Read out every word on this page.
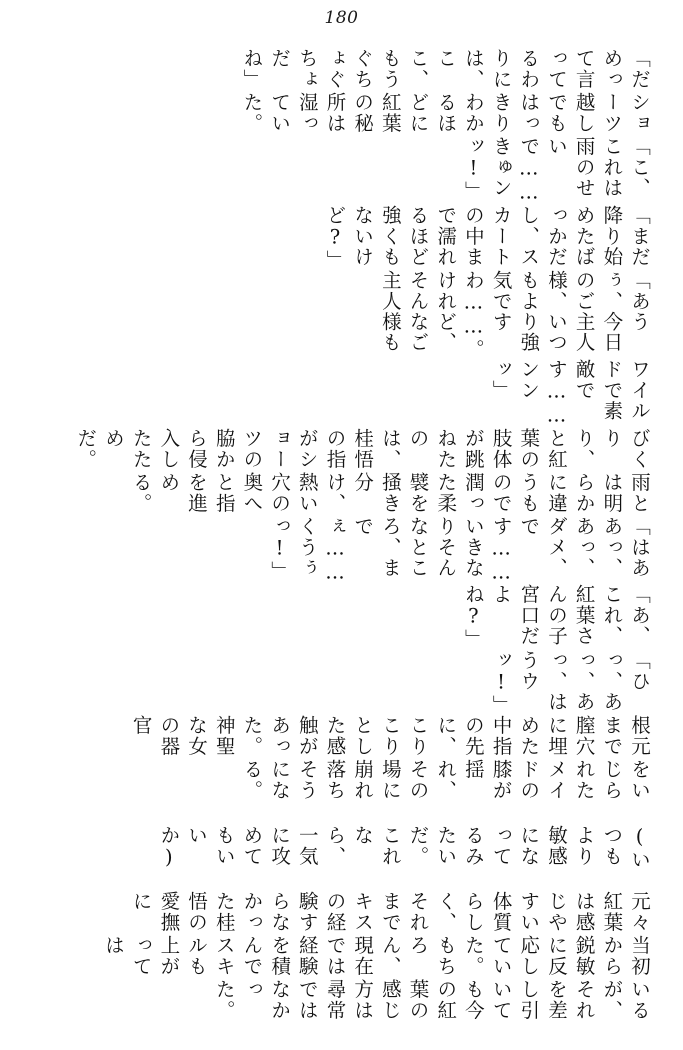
180
「だめって言ってるわりには、ここ、もうぐちょぐちょだね」
ショーツ越しでもはっきりわかるほどに紅葉の秘所は湿っていた。
「こ、これは雨のせいで……きゅンッ!」
「まだ降り始めたばっかだし、スカートの中まで濡れるほど強くもないけど?」
「あうぅ、今日のご主人様、いつもより強気ですわ……。けれど、そんなご主人様も
ワイルドで素敵です……ンンッ」
びくりり、と紅葉の肢体が跳ねたのは、桂悟の指がショーツの脇から侵入したためだ。
雨とは明らかに違うもので潤った柔襞を掻き分け、熱い穴の奥へと指を進める。
「はああっ、あっ、ダメ、です……いきなりそんなところ、までぇ……くうぅっ!」
「あ、これ、紅葉さんの子宮口だよね?」
「ひっ、あっ、あっ、はうウッ!」
根元まで膣穴に埋めた中指の先に、こりこりとした感触があった。神聖な女の器官
をいじられたメイドの膝が揺れ、その場に崩れ落ちそうになる。
(いつもより敏感になってるみたいだ。これなら、一気に攻めてもいいか)
元々紅葉は感じやすい体質らしく、それまでキスの経験すらなかった桂悟の愛撫に
当初から鋭敏に反応していた。もちろん、現在では経験を積んでスキルも上がっては
いるが、それを差し引いても今の紅葉の感じ方は尋常ではなかった。
